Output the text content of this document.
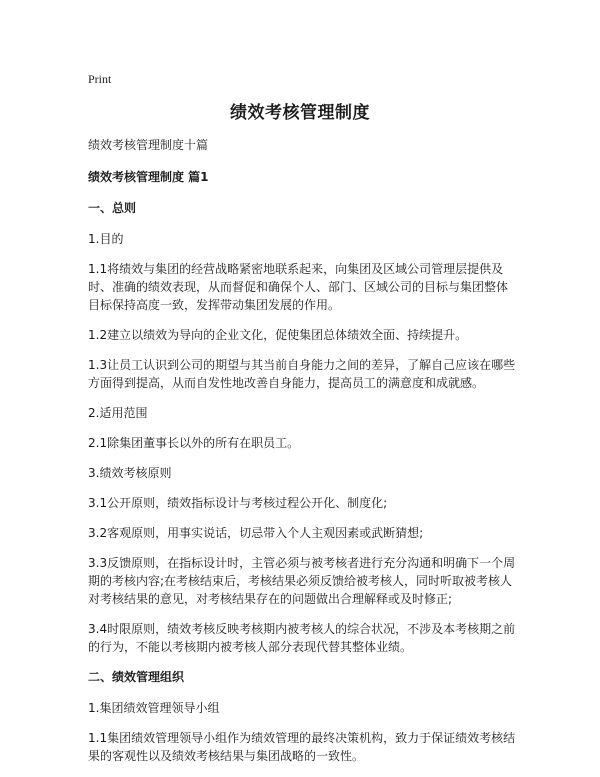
Print
绩效考核管理制度

绩效考核管理制度十篇

绩效考核管理制度 篇1

一、总则

1.目的

1.1将绩效与集团的经营战略紧密地联系起来，向集团及区域公司管理层提供及时、准确的绩效表现，从而督促和确保个人、部门、区域公司的目标与集团整体目标保持高度一致，发挥带动集团发展的作用。

1.2建立以绩效为导向的企业文化，促使集团总体绩效全面、持续提升。

1.3让员工认识到公司的期望与其当前自身能力之间的差异，了解自己应该在哪些方面得到提高，从而自发性地改善自身能力，提高员工的满意度和成就感。

2.适用范围

2.1除集团董事长以外的所有在职员工。

3.绩效考核原则

3.1公开原则，绩效指标设计与考核过程公开化、制度化;

3.2客观原则，用事实说话，切忌带入个人主观因素或武断猜想;

3.3反馈原则，在指标设计时，主管必须与被考核者进行充分沟通和明确下一个周期的考核内容;在考核结束后，考核结果必须反馈给被考核人，同时听取被考核人对考核结果的意见，对考核结果存在的问题做出合理解释或及时修正;

3.4时限原则，绩效考核反映考核期内被考核人的综合状况，不涉及本考核期之前的行为，不能以考核期内被考核人部分表现代替其整体业绩。

二、绩效管理组织

1.集团绩效管理领导小组

1.1集团绩效管理领导小组作为绩效管理的最终决策机构，致力于保证绩效考核结果的客观性以及绩效考核结果与集团战略的一致性。
